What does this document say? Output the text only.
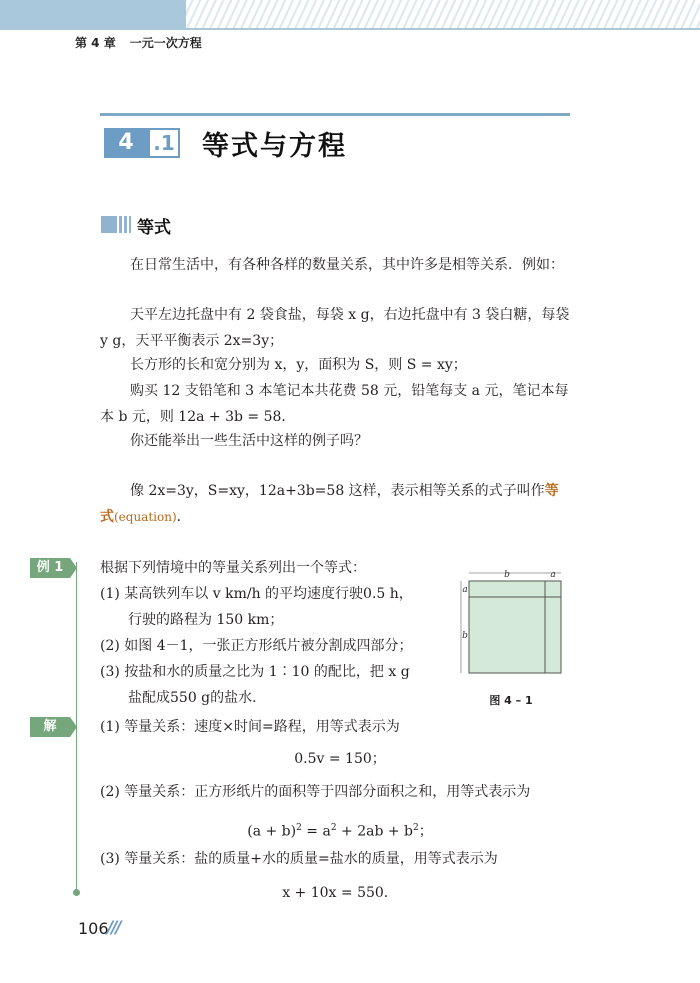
第 4 章 一元一次方程
4 .1 等式与方程
等式
在日常生活中，有各种各样的数量关系，其中许多是相等关系．例如：
天平左边托盘中有 2 袋食盐，每袋 x g，右边托盘中有 3 袋白糖，每袋 y g，天平平衡表示 2x=3y；
长方形的长和宽分别为 x，y，面积为 S，则 S = xy；
购买 12 支铅笔和 3 本笔记本共花费 58 元，铅笔每支 a 元，笔记本每本 b 元，则 12a + 3b = 58．
你还能举出一些生活中这样的例子吗？
像 2x=3y，S=xy，12a+3b=58 这样，表示相等关系的式子叫作等式(equation)．
例 1	根据下列情境中的等量关系列出一个等式：
(1) 某高铁列车以 v km/h 的平均速度行驶0.5 h，
行驶的路程为 150 km；
(2) 如图 4－1，一张正方形纸片被分割成四部分；
(3) 按盐和水的质量之比为 1∶10 的配比，把 x g
盐配成550 g的盐水．
b	a
a
b
图 4 – 1
解	(1) 等量关系：速度×时间=路程，用等式表示为
0.5v = 150；
(2) 等量关系：正方形纸片的面积等于四部分面积之和，用等式表示为
$(a + b)^2 = a^2 + 2ab + b^2$；
(3) 等量关系：盐的质量+水的质量=盐水的质量，用等式表示为
x + 10x = 550．
106
///
